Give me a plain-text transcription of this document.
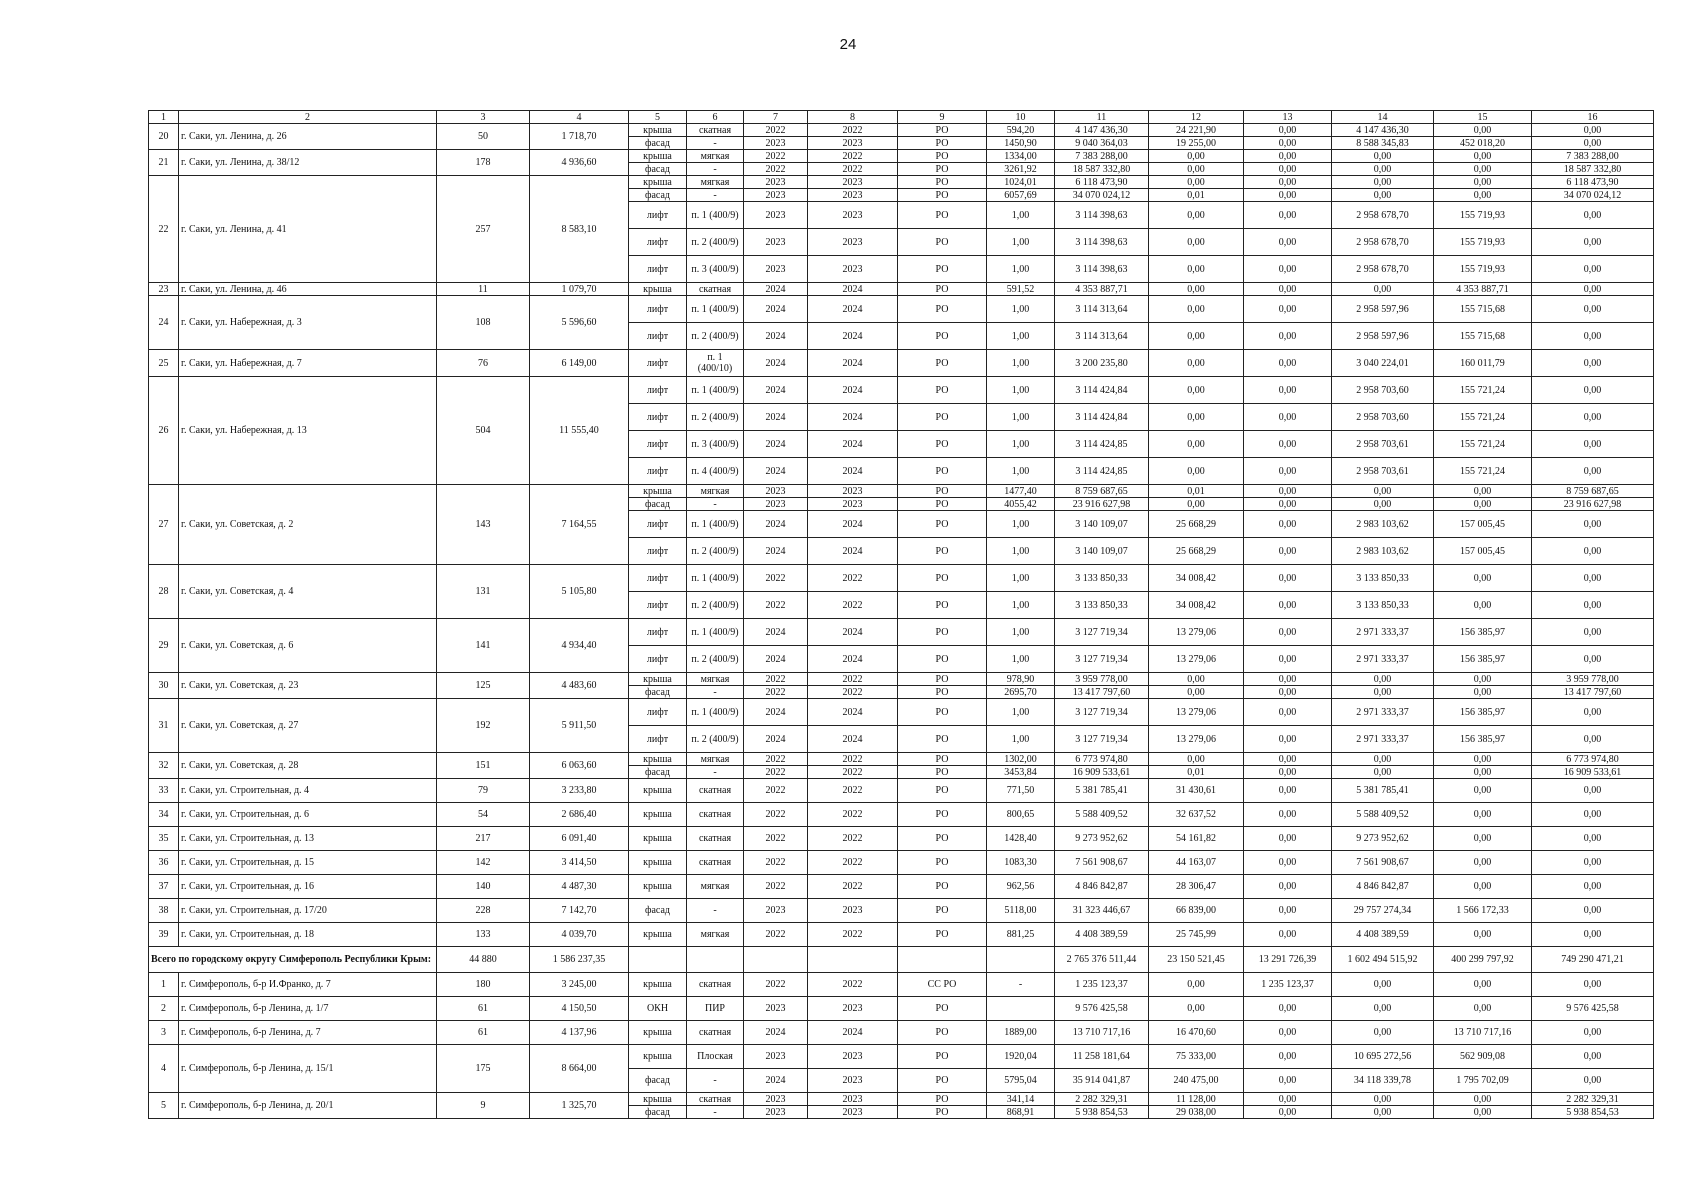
24
1	2	3	4	5	6	7	8	9	10	11	12	13	14	15	16
20	г. Саки, ул. Ленина, д. 26	50	1 718,70	крыша	скатная	2022	2022	РО	594,20	4 147 436,30	24 221,90	0,00	4 147 436,30	0,00	0,00
				фасад	-	2023	2023	РО	1450,90	9 040 364,03	19 255,00	0,00	8 588 345,83	452 018,20	0,00
21	г. Саки, ул. Ленина, д. 38/12	178	4 936,60	крыша	мягкая	2022	2022	РО	1334,00	7 383 288,00	0,00	0,00	0,00	0,00	7 383 288,00
				фасад	-	2022	2022	РО	3261,92	18 587 332,80	0,00	0,00	0,00	0,00	18 587 332,80
22	г. Саки, ул. Ленина, д. 41	257	8 583,10	крыша	мягкая	2023	2023	РО	1024,01	6 118 473,90	0,00	0,00	0,00	0,00	6 118 473,90
				фасад	-	2023	2023	РО	6057,69	34 070 024,12	0,01	0,00	0,00	0,00	34 070 024,12
				лифт	п. 1 (400/9)	2023	2023	РО	1,00	3 114 398,63	0,00	0,00	2 958 678,70	155 719,93	0,00
				лифт	п. 2 (400/9)	2023	2023	РО	1,00	3 114 398,63	0,00	0,00	2 958 678,70	155 719,93	0,00
				лифт	п. 3 (400/9)	2023	2023	РО	1,00	3 114 398,63	0,00	0,00	2 958 678,70	155 719,93	0,00
23	г. Саки, ул. Ленина, д. 46	11	1 079,70	крыша	скатная	2024	2024	РО	591,52	4 353 887,71	0,00	0,00	0,00	4 353 887,71	0,00
24	г. Саки, ул. Набережная, д. 3	108	5 596,60	лифт	п. 1 (400/9)	2024	2024	РО	1,00	3 114 313,64	0,00	0,00	2 958 597,96	155 715,68	0,00
				лифт	п. 2 (400/9)	2024	2024	РО	1,00	3 114 313,64	0,00	0,00	2 958 597,96	155 715,68	0,00
25	г. Саки, ул. Набережная, д. 7	76	6 149,00	лифт	п. 1 (400/10)	2024	2024	РО	1,00	3 200 235,80	0,00	0,00	3 040 224,01	160 011,79	0,00
26	г. Саки, ул. Набережная, д. 13	504	11 555,40	лифт	п. 1 (400/9)	2024	2024	РО	1,00	3 114 424,84	0,00	0,00	2 958 703,60	155 721,24	0,00
				лифт	п. 2 (400/9)	2024	2024	РО	1,00	3 114 424,84	0,00	0,00	2 958 703,60	155 721,24	0,00
				лифт	п. 3 (400/9)	2024	2024	РО	1,00	3 114 424,85	0,00	0,00	2 958 703,61	155 721,24	0,00
				лифт	п. 4 (400/9)	2024	2024	РО	1,00	3 114 424,85	0,00	0,00	2 958 703,61	155 721,24	0,00
27	г. Саки, ул. Советская, д. 2	143	7 164,55	крыша	мягкая	2023	2023	РО	1477,40	8 759 687,65	0,01	0,00	0,00	0,00	8 759 687,65
				фасад	-	2023	2023	РО	4055,42	23 916 627,98	0,00	0,00	0,00	0,00	23 916 627,98
				лифт	п. 1 (400/9)	2024	2024	РО	1,00	3 140 109,07	25 668,29	0,00	2 983 103,62	157 005,45	0,00
				лифт	п. 2 (400/9)	2024	2024	РО	1,00	3 140 109,07	25 668,29	0,00	2 983 103,62	157 005,45	0,00
28	г. Саки, ул. Советская, д. 4	131	5 105,80	лифт	п. 1 (400/9)	2022	2022	РО	1,00	3 133 850,33	34 008,42	0,00	3 133 850,33	0,00	0,00
				лифт	п. 2 (400/9)	2022	2022	РО	1,00	3 133 850,33	34 008,42	0,00	3 133 850,33	0,00	0,00
29	г. Саки, ул. Советская, д. 6	141	4 934,40	лифт	п. 1 (400/9)	2024	2024	РО	1,00	3 127 719,34	13 279,06	0,00	2 971 333,37	156 385,97	0,00
				лифт	п. 2 (400/9)	2024	2024	РО	1,00	3 127 719,34	13 279,06	0,00	2 971 333,37	156 385,97	0,00
30	г. Саки, ул. Советская, д. 23	125	4 483,60	крыша	мягкая	2022	2022	РО	978,90	3 959 778,00	0,00	0,00	0,00	0,00	3 959 778,00
				фасад	-	2022	2022	РО	2695,70	13 417 797,60	0,00	0,00	0,00	0,00	13 417 797,60
31	г. Саки, ул. Советская, д. 27	192	5 911,50	лифт	п. 1 (400/9)	2024	2024	РО	1,00	3 127 719,34	13 279,06	0,00	2 971 333,37	156 385,97	0,00
				лифт	п. 2 (400/9)	2024	2024	РО	1,00	3 127 719,34	13 279,06	0,00	2 971 333,37	156 385,97	0,00
32	г. Саки, ул. Советская, д. 28	151	6 063,60	крыша	мягкая	2022	2022	РО	1302,00	6 773 974,80	0,00	0,00	0,00	0,00	6 773 974,80
				фасад	-	2022	2022	РО	3453,84	16 909 533,61	0,01	0,00	0,00	0,00	16 909 533,61
33	г. Саки, ул. Строительная, д. 4	79	3 233,80	крыша	скатная	2022	2022	РО	771,50	5 381 785,41	31 430,61	0,00	5 381 785,41	0,00	0,00
34	г. Саки, ул. Строительная, д. 6	54	2 686,40	крыша	скатная	2022	2022	РО	800,65	5 588 409,52	32 637,52	0,00	5 588 409,52	0,00	0,00
35	г. Саки, ул. Строительная, д. 13	217	6 091,40	крыша	скатная	2022	2022	РО	1428,40	9 273 952,62	54 161,82	0,00	9 273 952,62	0,00	0,00
36	г. Саки, ул. Строительная, д. 15	142	3 414,50	крыша	скатная	2022	2022	РО	1083,30	7 561 908,67	44 163,07	0,00	7 561 908,67	0,00	0,00
37	г. Саки, ул. Строительная, д. 16	140	4 487,30	крыша	мягкая	2022	2022	РО	962,56	4 846 842,87	28 306,47	0,00	4 846 842,87	0,00	0,00
38	г. Саки, ул. Строительная, д. 17/20	228	7 142,70	фасад	-	2023	2023	РО	5118,00	31 323 446,67	66 839,00	0,00	29 757 274,34	1 566 172,33	0,00
39	г. Саки, ул. Строительная, д. 18	133	4 039,70	крыша	мягкая	2022	2022	РО	881,25	4 408 389,59	25 745,99	0,00	4 408 389,59	0,00	0,00
Всего по городскому округу Симферополь Республики Крым:		44 880	1 586 237,35							2 765 376 511,44	23 150 521,45	13 291 726,39	1 602 494 515,92	400 299 797,92	749 290 471,21
1	г. Симферополь, б-р И.Франко, д. 7	180	3 245,00	крыша	скатная	2022	2022	СС РО	-	1 235 123,37	0,00	1 235 123,37	0,00	0,00	0,00
2	г. Симферополь, б-р Ленина, д. 1/7	61	4 150,50	ОКН	ПИР	2023	2023	РО		9 576 425,58	0,00	0,00	0,00	0,00	9 576 425,58
3	г. Симферополь, б-р Ленина, д. 7	61	4 137,96	крыша	скатная	2024	2024	РО	1889,00	13 710 717,16	16 470,60	0,00	0,00	13 710 717,16	0,00
4	г. Симферополь, б-р Ленина, д. 15/1	175	8 664,00	крыша	Плоская	2023	2023	РО	1920,04	11 258 181,64	75 333,00	0,00	10 695 272,56	562 909,08	0,00
				фасад	-	2024	2023	РО	5795,04	35 914 041,87	240 475,00	0,00	34 118 339,78	1 795 702,09	0,00
5	г. Симферополь, б-р Ленина, д. 20/1	9	1 325,70	крыша	скатная	2023	2023	РО	341,14	2 282 329,31	11 128,00	0,00	0,00	0,00	2 282 329,31
				фасад	-	2023	2023	РО	868,91	5 938 854,53	29 038,00	0,00	0,00	0,00	5 938 854,53
